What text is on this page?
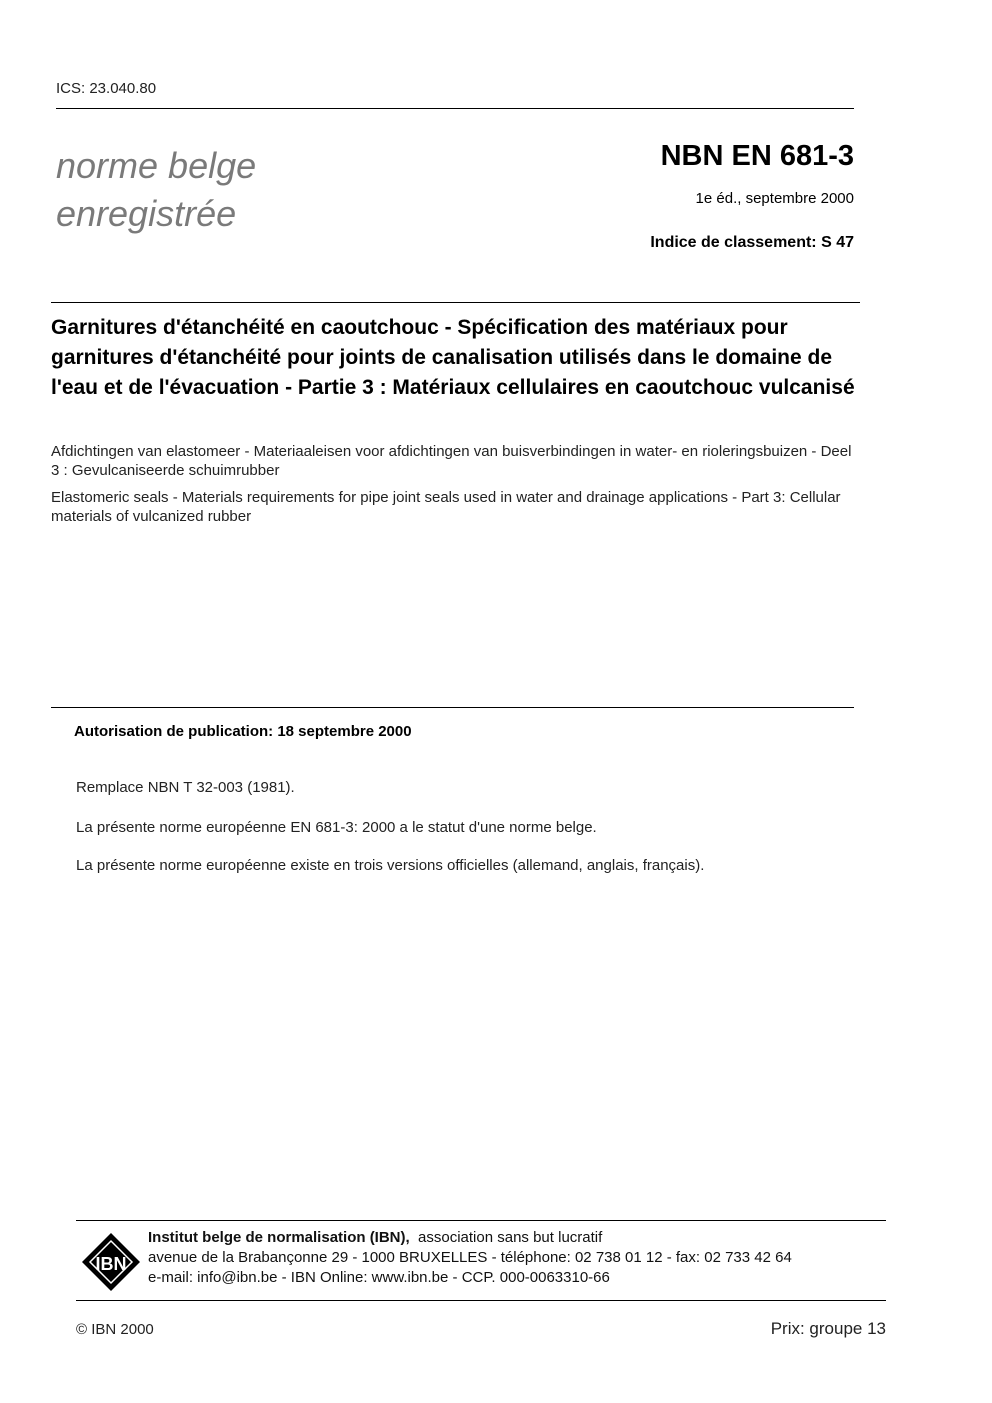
ICS: 23.040.80
norme belge
enregistrée
NBN EN 681-3
1e éd., septembre 2000
Indice de classement: S 47
Garnitures d'étanchéité en caoutchouc - Spécification des matériaux pour garnitures d'étanchéité pour joints de canalisation utilisés dans le domaine de l'eau et de l'évacuation - Partie 3 : Matériaux cellulaires en caoutchouc vulcanisé
Afdichtingen van elastomeer - Materiaaleisen voor afdichtingen van buisverbindingen in water- en rioleringsbuizen - Deel 3 : Gevulcaniseerde schuimrubber
Elastomeric seals - Materials requirements for pipe joint seals used in water and drainage applications - Part 3: Cellular materials of vulcanized rubber
Autorisation de publication: 18 septembre 2000
Remplace NBN T 32-003 (1981).
La présente norme européenne EN 681-3: 2000 a le statut d'une norme belge.
La présente norme européenne existe en trois versions officielles (allemand, anglais, français).
IBN
Institut belge de normalisation (IBN), association sans but lucratif
avenue de la Brabançonne 29 - 1000 BRUXELLES - téléphone: 02 738 01 12 - fax: 02 733 42 64
e-mail: info@ibn.be - IBN Online: www.ibn.be - CCP. 000-0063310-66
© IBN 2000	Prix: groupe 13
